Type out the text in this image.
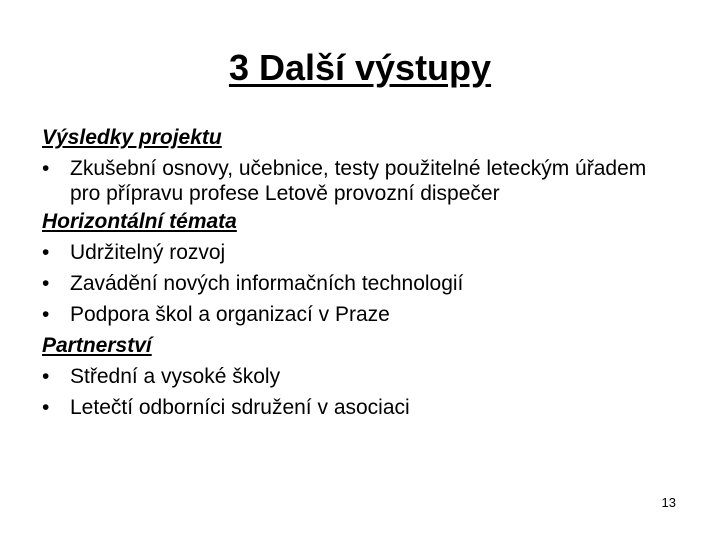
3 Další výstupy
Výsledky projektu
• Zkušební osnovy, učebnice, testy použitelné leteckým úřadem pro přípravu profese Letově provozní dispečer
Horizontální témata
• Udržitelný rozvoj
• Zavádění nových informačních technologií
• Podpora škol a organizací v Praze
Partnerství
• Střední a vysoké školy
• Letečtí odborníci sdružení v asociaci
13
